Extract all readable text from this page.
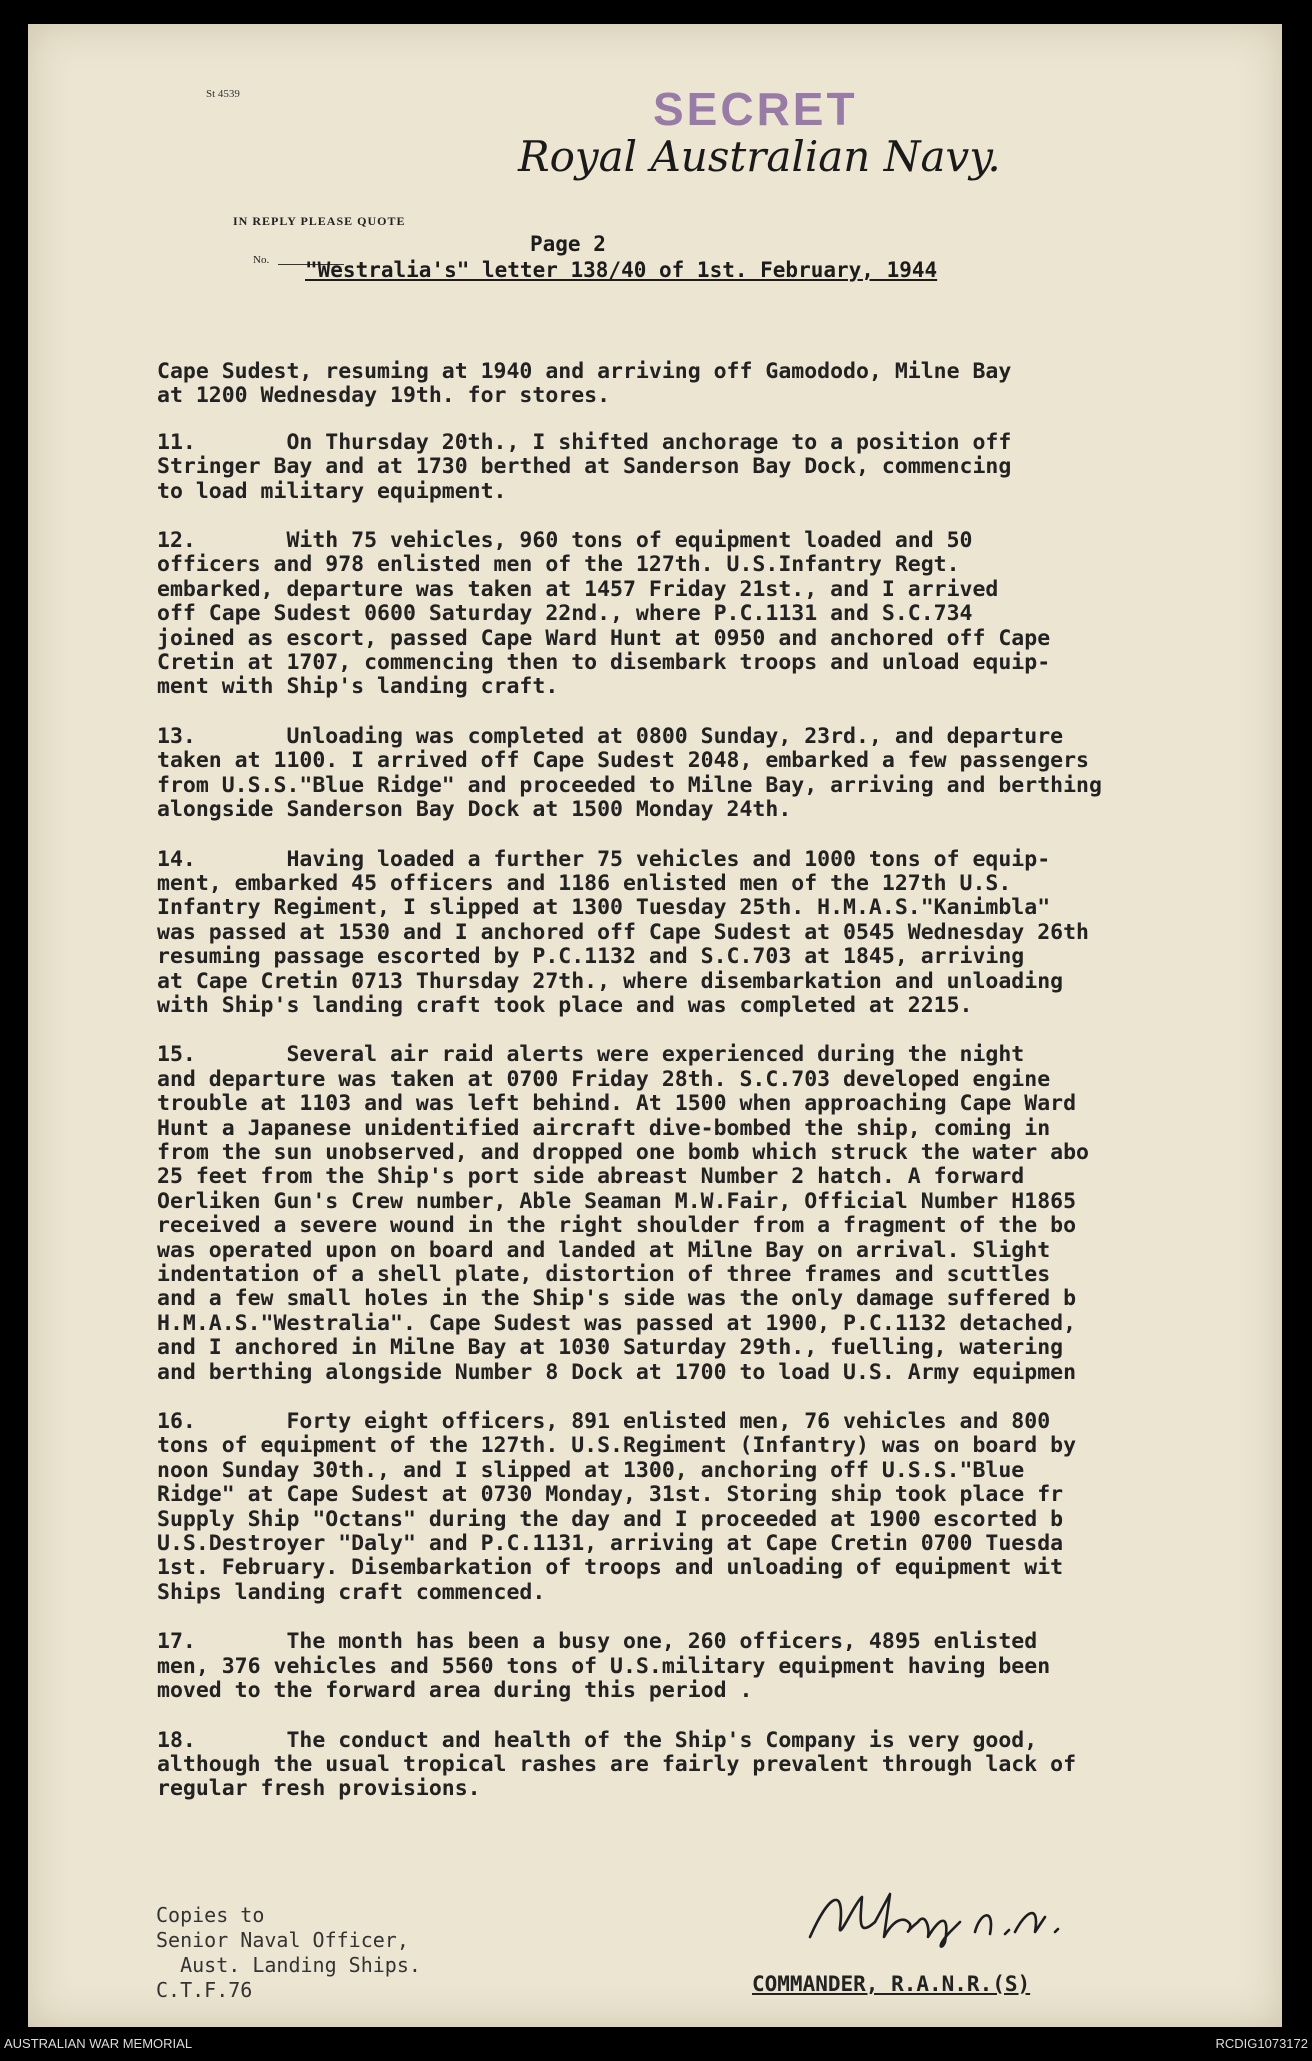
St 4539	SECRET
Royal Australian Navy.
IN REPLY PLEASE QUOTE
No.
Page 2
"Westralia's" letter 138/40 of 1st. February, 1944

Cape Sudest, resuming at 1940 and arriving off Gamododo, Milne Bay
at 1200 Wednesday 19th. for stores.

11.       On Thursday 20th., I shifted anchorage to a position off
Stringer Bay and at 1730 berthed at Sanderson Bay Dock, commencing
to load military equipment.

12.       With 75 vehicles, 960 tons of equipment loaded and 50
officers and 978 enlisted men of the 127th. U.S.Infantry Regt.
embarked, departure was taken at 1457 Friday 21st., and I arrived
off Cape Sudest 0600 Saturday 22nd., where P.C.1131 and S.C.734
joined as escort, passed Cape Ward Hunt at 0950 and anchored off Cape
Cretin at 1707, commencing then to disembark troops and unload equip-
ment with Ship's landing craft.

13.       Unloading was completed at 0800 Sunday, 23rd., and departure
taken at 1100. I arrived off Cape Sudest 2048, embarked a few passengers
from U.S.S."Blue Ridge" and proceeded to Milne Bay, arriving and berthing
alongside Sanderson Bay Dock at 1500 Monday 24th.

14.       Having loaded a further 75 vehicles and 1000 tons of equip-
ment, embarked 45 officers and 1186 enlisted men of the 127th U.S.
Infantry Regiment, I slipped at 1300 Tuesday 25th. H.M.A.S."Kanimbla"
was passed at 1530 and I anchored off Cape Sudest at 0545 Wednesday 26th
resuming passage escorted by P.C.1132 and S.C.703 at 1845, arriving
at Cape Cretin 0713 Thursday 27th., where disembarkation and unloading
with Ship's landing craft took place and was completed at 2215.

15.       Several air raid alerts were experienced during the night
and departure was taken at 0700 Friday 28th. S.C.703 developed engine
trouble at 1103 and was left behind. At 1500 when approaching Cape Ward
Hunt a Japanese unidentified aircraft dive-bombed the ship, coming in
from the sun unobserved, and dropped one bomb which struck the water abo
25 feet from the Ship's port side abreast Number 2 hatch. A forward
Oerliken Gun's Crew number, Able Seaman M.W.Fair, Official Number H1865
received a severe wound in the right shoulder from a fragment of the bo
was operated upon on board and landed at Milne Bay on arrival. Slight
indentation of a shell plate, distortion of three frames and scuttles
and a few small holes in the Ship's side was the only damage suffered b
H.M.A.S."Westralia". Cape Sudest was passed at 1900, P.C.1132 detached,
and I anchored in Milne Bay at 1030 Saturday 29th., fuelling, watering
and berthing alongside Number 8 Dock at 1700 to load U.S. Army equipmen

16.       Forty eight officers, 891 enlisted men, 76 vehicles and 800
tons of equipment of the 127th. U.S.Regiment (Infantry) was on board by
noon Sunday 30th., and I slipped at 1300, anchoring off U.S.S."Blue
Ridge" at Cape Sudest at 0730 Monday, 31st. Storing ship took place fr
Supply Ship "Octans" during the day and I proceeded at 1900 escorted b
U.S.Destroyer "Daly" and P.C.1131, arriving at Cape Cretin 0700 Tuesda
1st. February. Disembarkation of troops and unloading of equipment wit
Ships landing craft commenced.

17.       The month has been a busy one, 260 officers, 4895 enlisted
men, 376 vehicles and 5560 tons of U.S.military equipment having been
moved to the forward area during this period .

18.       The conduct and health of the Ship's Company is very good,
although the usual tropical rashes are fairly prevalent through lack of
regular fresh provisions.

Copies to
Senior Naval Officer,
Aust. Landing Ships.
C.T.F.76	COMMANDER, R.A.N.R.(S)
AUSTRALIAN WAR MEMORIAL	RCDIG1073172
